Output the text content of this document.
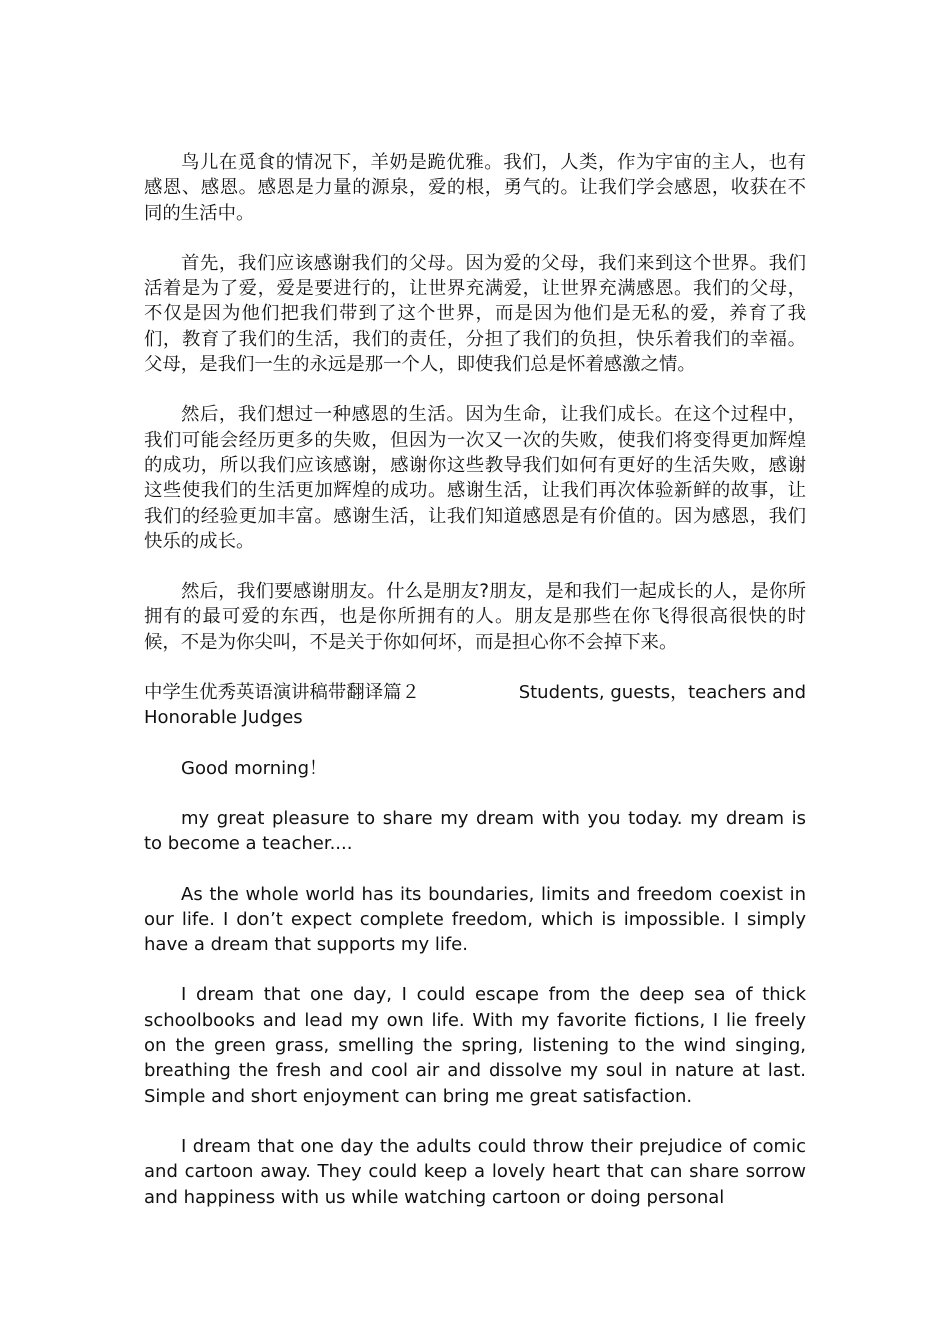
鸟儿在觅食的情况下，羊奶是跪优雅。我们，人类，作为宇宙的主人，也有感恩、感恩。感恩是力量的源泉，爱的根，勇气的。让我们学会感恩，收获在不同的生活中。

首先，我们应该感谢我们的父母。因为爱的父母，我们来到这个世界。我们活着是为了爱，爱是要进行的，让世界充满爱，让世界充满感恩。我们的父母，不仅是因为他们把我们带到了这个世界，而是因为他们是无私的爱，养育了我们，教育了我们的生活，我们的责任，分担了我们的负担，快乐着我们的幸福。父母，是我们一生的永远是那一个人，即使我们总是怀着感激之情。

然后，我们想过一种感恩的生活。因为生命，让我们成长。在这个过程中，我们可能会经历更多的失败，但因为一次又一次的失败，使我们将变得更加辉煌的成功，所以我们应该感谢，感谢你这些教导我们如何有更好的生活失败，感谢这些使我们的生活更加辉煌的成功。感谢生活，让我们再次体验新鲜的故事，让我们的经验更加丰富。感谢生活，让我们知道感恩是有价值的。因为感恩，我们快乐的成长。

然后，我们要感谢朋友。什么是朋友?朋友，是和我们一起成长的人，是你所拥有的最可爱的东西，也是你所拥有的人。朋友是那些在你飞得很高很快的时候，不是为你尖叫，不是关于你如何坏，而是担心你不会掉下来。

中学生优秀英语演讲稿带翻译篇２	Students, guests，teachers and
Honorable Judges

Good morning！

my great pleasure to share my dream with you today. my dream is to become a teacher....

As the whole world has its boundaries, limits and freedom coexist in our life. I don’t expect complete freedom, which is impossible. I simply have a dream that supports my life.

I dream that one day, I could escape from the deep sea of thick schoolbooks and lead my own life. With my favorite fictions, I lie freely on the green grass, smelling the spring, listening to the wind singing, breathing the fresh and cool air and dissolve my soul in nature at last. Simple and short enjoyment can bring me great satisfaction.

I dream that one day the adults could throw their prejudice of comic and cartoon away. They could keep a lovely heart that can share sorrow and happiness with us while watching cartoon or doing personal
